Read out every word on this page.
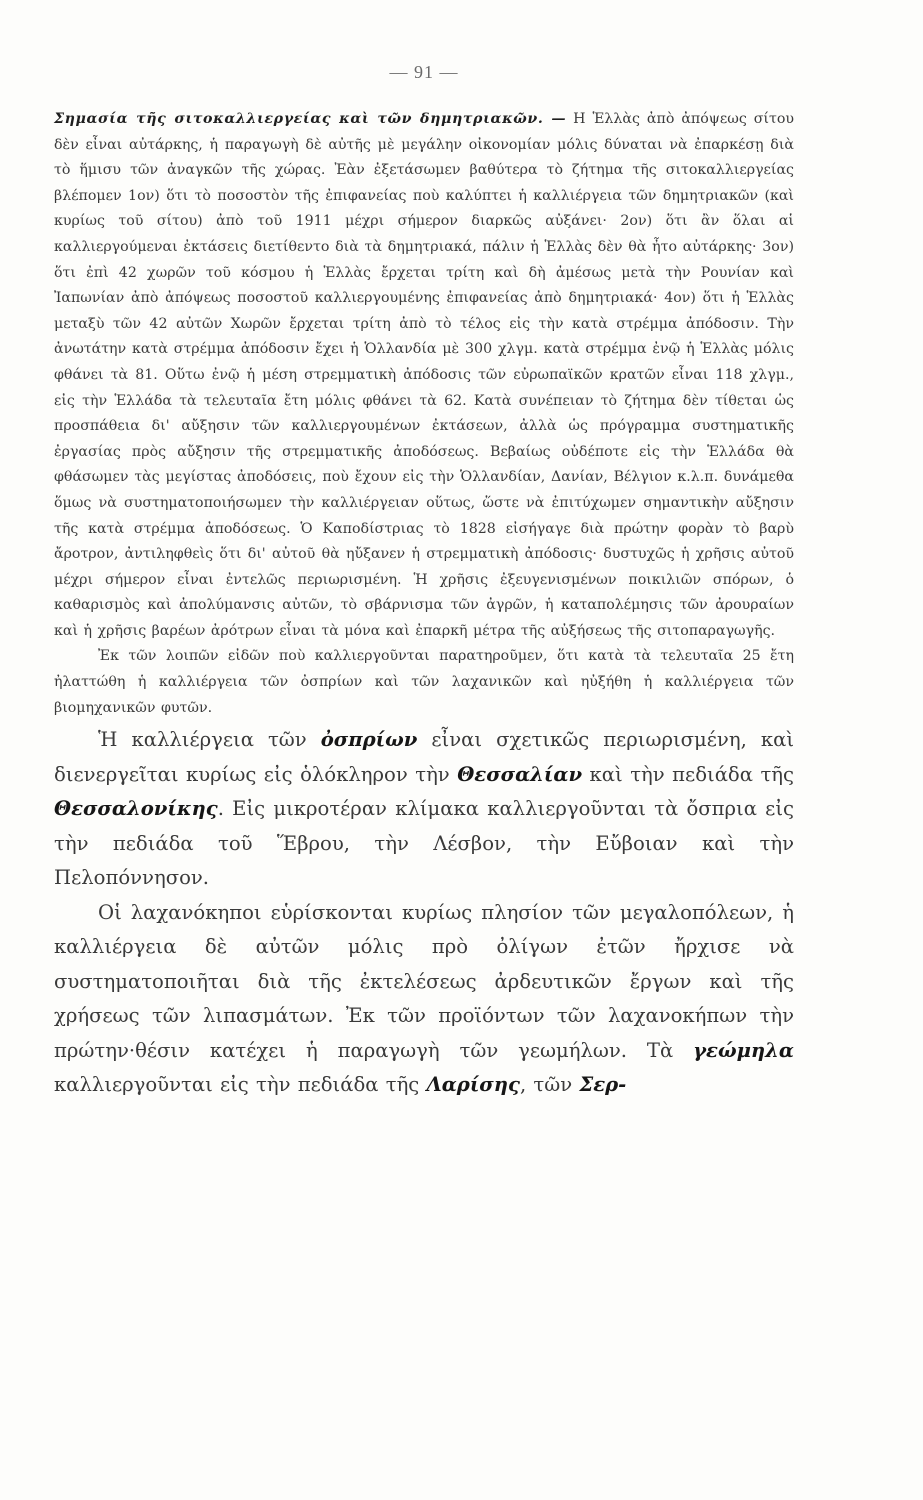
— 91 —

Σημασία τῆς σιτοκαλλιεργείας καὶ τῶν δημητριακῶν. — Η Ἑλλὰς ἀπὸ ἀπόψεως σίτου δὲν εἶναι αὐτάρκης, ἡ παραγωγὴ δὲ αὐτῆς μὲ μεγάλην οἰκονομίαν μόλις δύναται νὰ ἐπαρκέσῃ διὰ τὸ ἥμισυ τῶν ἀναγκῶν τῆς χώρας. Ἐὰν ἐξετάσωμεν βαθύτερα τὸ ζήτημα τῆς σιτοκαλλιεργείας βλέπομεν 1ον) ὅτι τὸ ποσοστὸν τῆς ἐπιφανείας ποὺ καλύπτει ἡ καλλιέργεια τῶν δημητριακῶν (καὶ κυρίως τοῦ σίτου) ἀπὸ τοῦ 1911 μέχρι σήμερον διαρκῶς αὐξάνει· 2ον) ὅτι ἂν ὅλαι αἱ καλλιεργούμεναι ἐκτάσεις διετίθεντο διὰ τὰ δημητριακά, πάλιν ἡ Ἑλλὰς δὲν θὰ ἦτο αὐτάρκης· 3ον) ὅτι ἐπὶ 42 χωρῶν τοῦ κόσμου ἡ Ἑλλὰς ἔρχεται τρίτη καὶ δὴ ἀμέσως μετὰ τὴν Ρουνίαν καὶ Ἰαπωνίαν ἀπὸ ἀπόψεως ποσοστοῦ καλλιεργουμένης ἐπιφανείας ἀπὸ δημητριακά· 4ον) ὅτι ἡ Ἑλλὰς μεταξὺ τῶν 42 αὐτῶν Χωρῶν ἔρχεται τρίτη ἀπὸ τὸ τέλος εἰς τὴν κατὰ στρέμμα ἀπόδοσιν. Τὴν ἀνωτάτην κατὰ στρέμμα ἀπόδοσιν ἔχει ἡ Ὁλλανδία μὲ 300 χλγμ. κατὰ στρέμμα ἐνῷ ἡ Ἑλλὰς μόλις φθάνει τὰ 81. Οὕτω ἐνῷ ἡ μέση στρεμματικὴ ἀπόδοσις τῶν εὐρωπαϊκῶν κρατῶν εἶναι 118 χλγμ., εἰς τὴν Ἑλλάδα τὰ τελευταῖα ἔτη μόλις φθάνει τὰ 62. Κατὰ συνέπειαν τὸ ζήτημα δὲν τίθεται ὡς προσπάθεια δι' αὔξησιν τῶν καλλιεργουμένων ἐκτάσεων, ἀλλὰ ὡς πρόγραμμα συστηματικῆς ἐργασίας πρὸς αὔξησιν τῆς στρεμματικῆς ἀποδόσεως. Βεβαίως οὐδέποτε εἰς τὴν Ἑλλάδα θὰ φθάσωμεν τὰς μεγίστας ἀποδόσεις, ποὺ ἔχουν εἰς τὴν Ὁλλανδίαν, Δανίαν, Βέλγιον κ.λ.π. δυνάμεθα ὅμως νὰ συστηματοποιήσωμεν τὴν καλλιέργειαν οὕτως, ὥστε νὰ ἐπιτύχωμεν σημαντικὴν αὔξησιν τῆς κατὰ στρέμμα ἀποδόσεως. Ὁ Καποδίστριας τὸ 1828 εἰσήγαγε διὰ πρώτην φορὰν τὸ βαρὺ ἄροτρον, ἀντιληφθεὶς ὅτι δι' αὐτοῦ θὰ ηὔξανεν ἡ στρεμματικὴ ἀπόδοσις· δυστυχῶς ἡ χρῆσις αὐτοῦ μέχρι σήμερον εἶναι ἐντελῶς περιωρισμένη. Ἡ χρῆσις ἐξευγενισμένων ποικιλιῶν σπόρων, ὁ καθαρισμὸς καὶ ἀπολύμανσις αὐτῶν, τὸ σβάρνισμα τῶν ἀγρῶν, ἡ καταπολέμησις τῶν ἀρουραίων καὶ ἡ χρῆσις βαρέων ἀρότρων εἶναι τὰ μόνα καὶ ἐπαρκῆ μέτρα τῆς αὐξήσεως τῆς σιτοπαραγωγῆς.

Ἐκ τῶν λοιπῶν εἰδῶν ποὺ καλλιεργοῦνται παρατηροῦμεν, ὅτι κατὰ τὰ τελευταῖα 25 ἔτη ἠλαττώθη ἡ καλλιέργεια τῶν ὀσπρίων καὶ τῶν λαχανικῶν καὶ ηὐξήθη ἡ καλλιέργεια τῶν βιομηχανικῶν φυτῶν.

Ἡ καλλιέργεια τῶν ὀσπρίων εἶναι σχετικῶς περιωρισμένη, καὶ διενεργεῖται κυρίως εἰς ὁλόκληρον τὴν Θεσσαλίαν καὶ τὴν πεδιάδα τῆς Θεσσαλονίκης. Εἰς μικροτέραν κλίμακα καλλιεργοῦνται τὰ ὄσπρια εἰς τὴν πεδιάδα τοῦ Ἕβρου, τὴν Λέσβον, τὴν Εὔβοιαν καὶ τὴν Πελοπόννησον.

Οἱ λαχανόκηποι εὑρίσκονται κυρίως πλησίον τῶν μεγαλοπόλεων, ἡ καλλιέργεια δὲ αὐτῶν μόλις πρὸ ὀλίγων ἐτῶν ἤρχισε νὰ συστηματοποιῆται διὰ τῆς ἐκτελέσεως ἀρδευτικῶν ἔργων καὶ τῆς χρήσεως τῶν λιπασμάτων. Ἐκ τῶν προϊόντων τῶν λαχανοκήπων τὴν πρώτην·θέσιν κατέχει ἡ παραγωγὴ τῶν γεωμήλων. Τὰ γεώμηλα καλλιεργοῦνται εἰς τὴν πεδιάδα τῆς Λαρίσης, τῶν Σερ-
